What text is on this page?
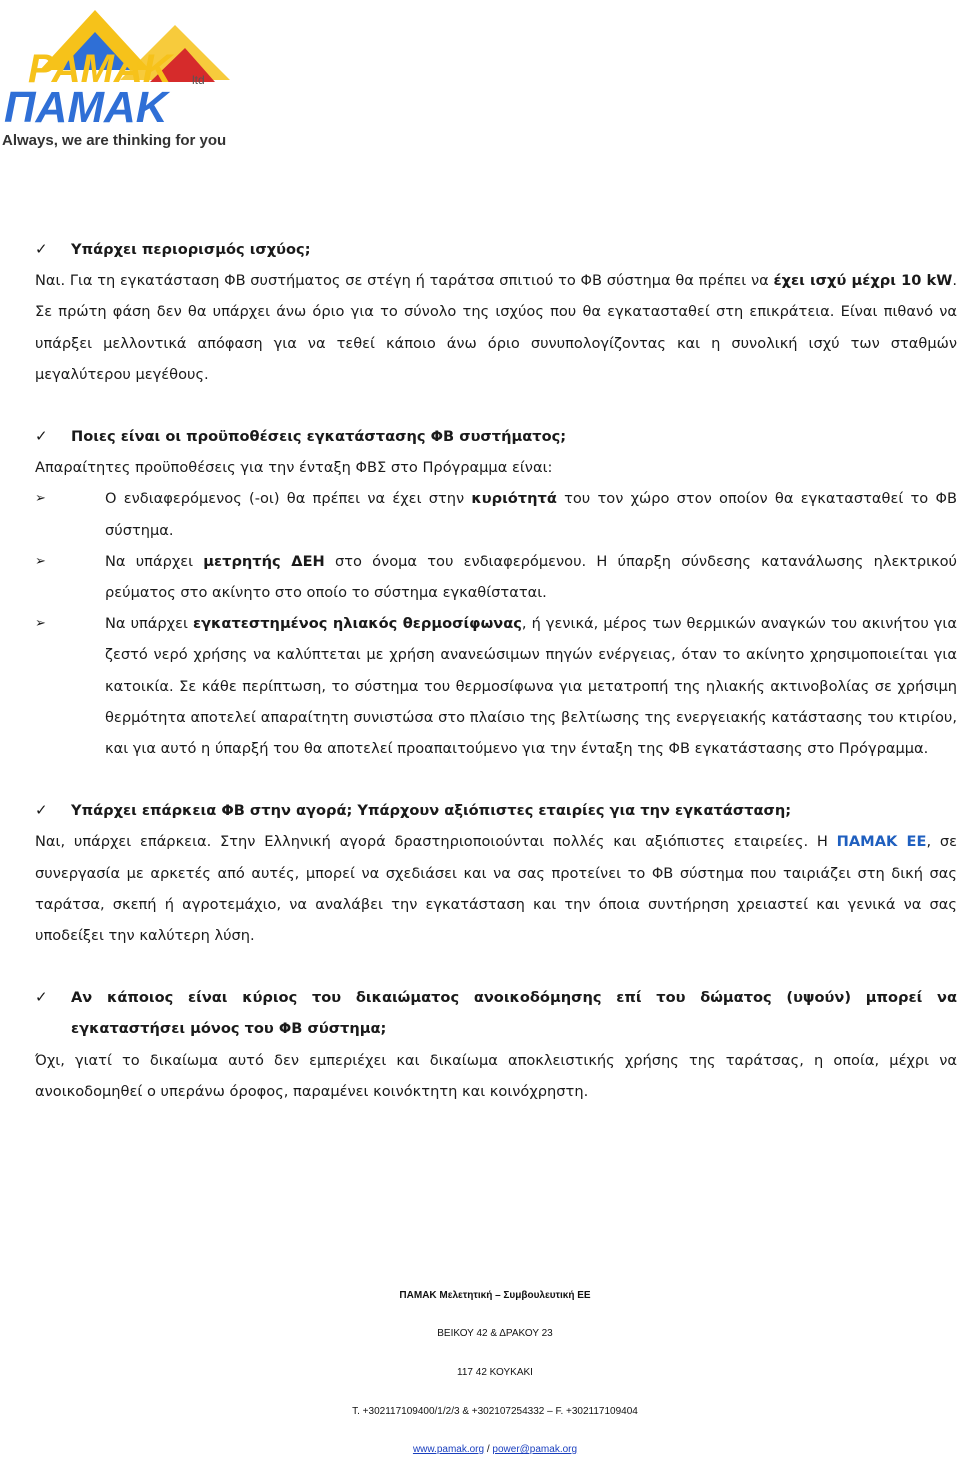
ΡΑΜΑΚ ltd
ΠΑΜΑΚ
Always, we are thinking for you
✓	Υπάρχει περιορισμός ισχύος;

Ναι. Για τη εγκατάσταση ΦΒ συστήματος σε στέγη ή ταράτσα σπιτιού το ΦΒ σύστημα θα πρέπει να έχει ισχύ μέχρι 10 kW. Σε πρώτη φάση δεν θα υπάρχει άνω όριο για το σύνολο της ισχύος που θα εγκατασταθεί στη επικράτεια. Είναι πιθανό να υπάρξει μελλοντικά απόφαση για να τεθεί κάποιο άνω όριο συνυπολογίζοντας και η συνολική ισχύ των σταθμών μεγαλύτερου μεγέθους.

✓	Ποιες είναι οι προϋποθέσεις εγκατάστασης ΦΒ συστήματος;

Απαραίτητες προϋποθέσεις για την ένταξη ΦΒΣ στο Πρόγραμμα είναι:

➢	Ο ενδιαφερόμενος (-οι) θα πρέπει να έχει στην κυριότητά του τον χώρο στον οποίον θα εγκατασταθεί το ΦΒ σύστημα.
➢	Να υπάρχει μετρητής ΔΕΗ στο όνομα του ενδιαφερόμενου. Η ύπαρξη σύνδεσης κατανάλωσης ηλεκτρικού ρεύματος στο ακίνητο στο οποίο το σύστημα εγκαθίσταται.
➢	Να υπάρχει εγκατεστημένος ηλιακός θερμοσίφωνας, ή γενικά, μέρος των θερμικών αναγκών του ακινήτου για ζεστό νερό χρήσης να καλύπτεται με χρήση ανανεώσιμων πηγών ενέργειας, όταν το ακίνητο χρησιμοποιείται για κατοικία. Σε κάθε περίπτωση, το σύστημα του θερμοσίφωνα για μετατροπή της ηλιακής ακτινοβολίας σε χρήσιμη θερμότητα αποτελεί απαραίτητη συνιστώσα στο πλαίσιο της βελτίωσης της ενεργειακής κατάστασης του κτιρίου, και για αυτό η ύπαρξή του θα αποτελεί προαπαιτούμενο για την ένταξη της ΦΒ εγκατάστασης στο Πρόγραμμα.
✓	Υπάρχει επάρκεια ΦΒ στην αγορά; Υπάρχουν αξιόπιστες εταιρίες για την εγκατάσταση;

Ναι, υπάρχει επάρκεια. Στην Ελληνική αγορά δραστηριοποιούνται πολλές και αξιόπιστες εταιρείες. Η ΠΑΜΑΚ ΕΕ, σε συνεργασία με αρκετές από αυτές, μπορεί να σχεδιάσει και να σας προτείνει το ΦΒ σύστημα που ταιριάζει στη δική σας ταράτσα, σκεπή ή αγροτεμάχιο, να αναλάβει την εγκατάσταση και την όποια συντήρηση χρειαστεί και γενικά να σας υποδείξει την καλύτερη λύση.

✓	Αν κάποιος είναι κύριος του δικαιώματος ανοικοδόμησης επί του δώματος (υψούν) μπορεί να εγκαταστήσει μόνος του ΦΒ σύστημα;

Όχι, γιατί το δικαίωμα αυτό δεν εμπεριέχει και δικαίωμα αποκλειστικής χρήσης της ταράτσας, η οποία, μέχρι να ανοικοδομηθεί ο υπεράνω όροφος, παραμένει κοινόκτητη και κοινόχρηστη.

ΠΑΜΑΚ Μελετητική – Συμβουλευτική ΕΕ
ΒΕΙΚΟΥ 42 & ΔΡΑΚΟΥ 23
117 42 ΚΟΥΚΑΚΙ
T. +302117109400/1/2/3 & +302107254332 – F. +302117109404
www.pamak.org / power@pamak.org
